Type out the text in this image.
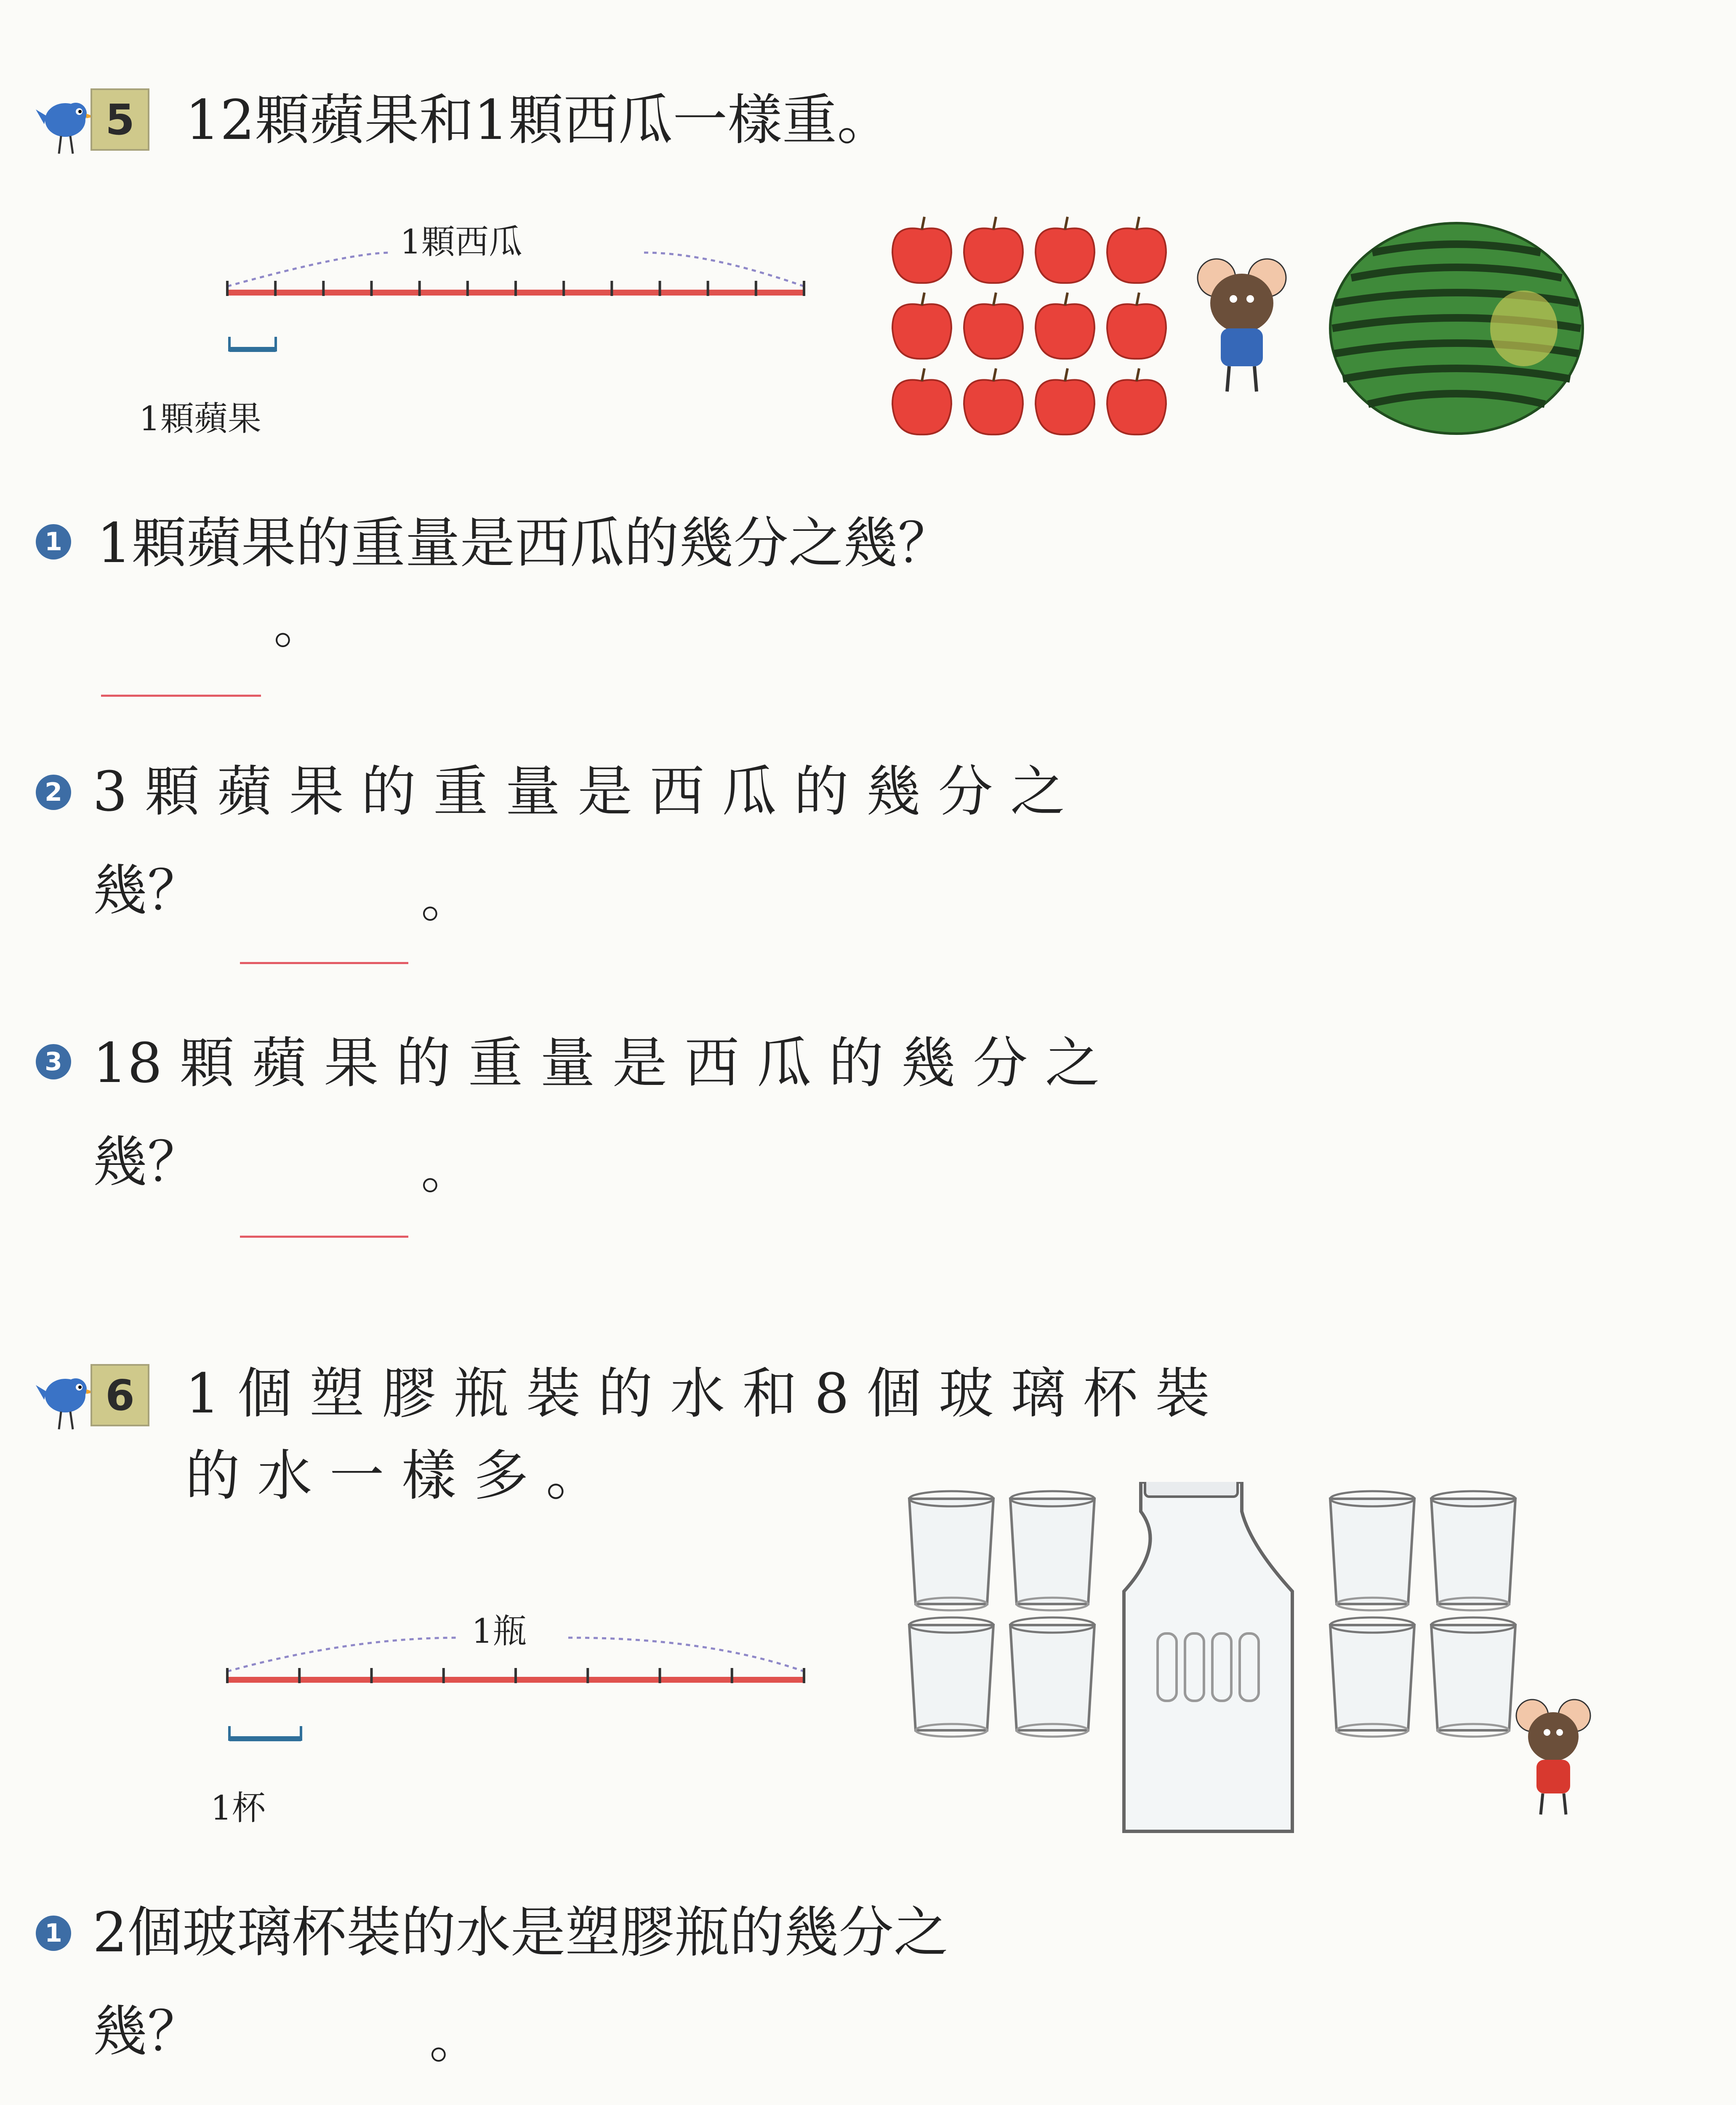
5 12顆蘋果和1顆西瓜一樣重。
1顆西瓜
1顆蘋果
1 1顆蘋果的重量是西瓜的幾分之幾？
。
2 3 顆 蘋 果 的 重 量 是 西 瓜 的 幾 分 之
幾？	。
3 18 顆 蘋 果 的 重 量 是 西 瓜 的 幾 分 之
幾？	。
6 1 個 塑 膠 瓶 裝 的 水 和 8 個 玻 璃 杯 裝
的 水 一 樣 多 。
1瓶
1杯
1 2個玻璃杯裝的水是塑膠瓶的幾分之
幾？	。
